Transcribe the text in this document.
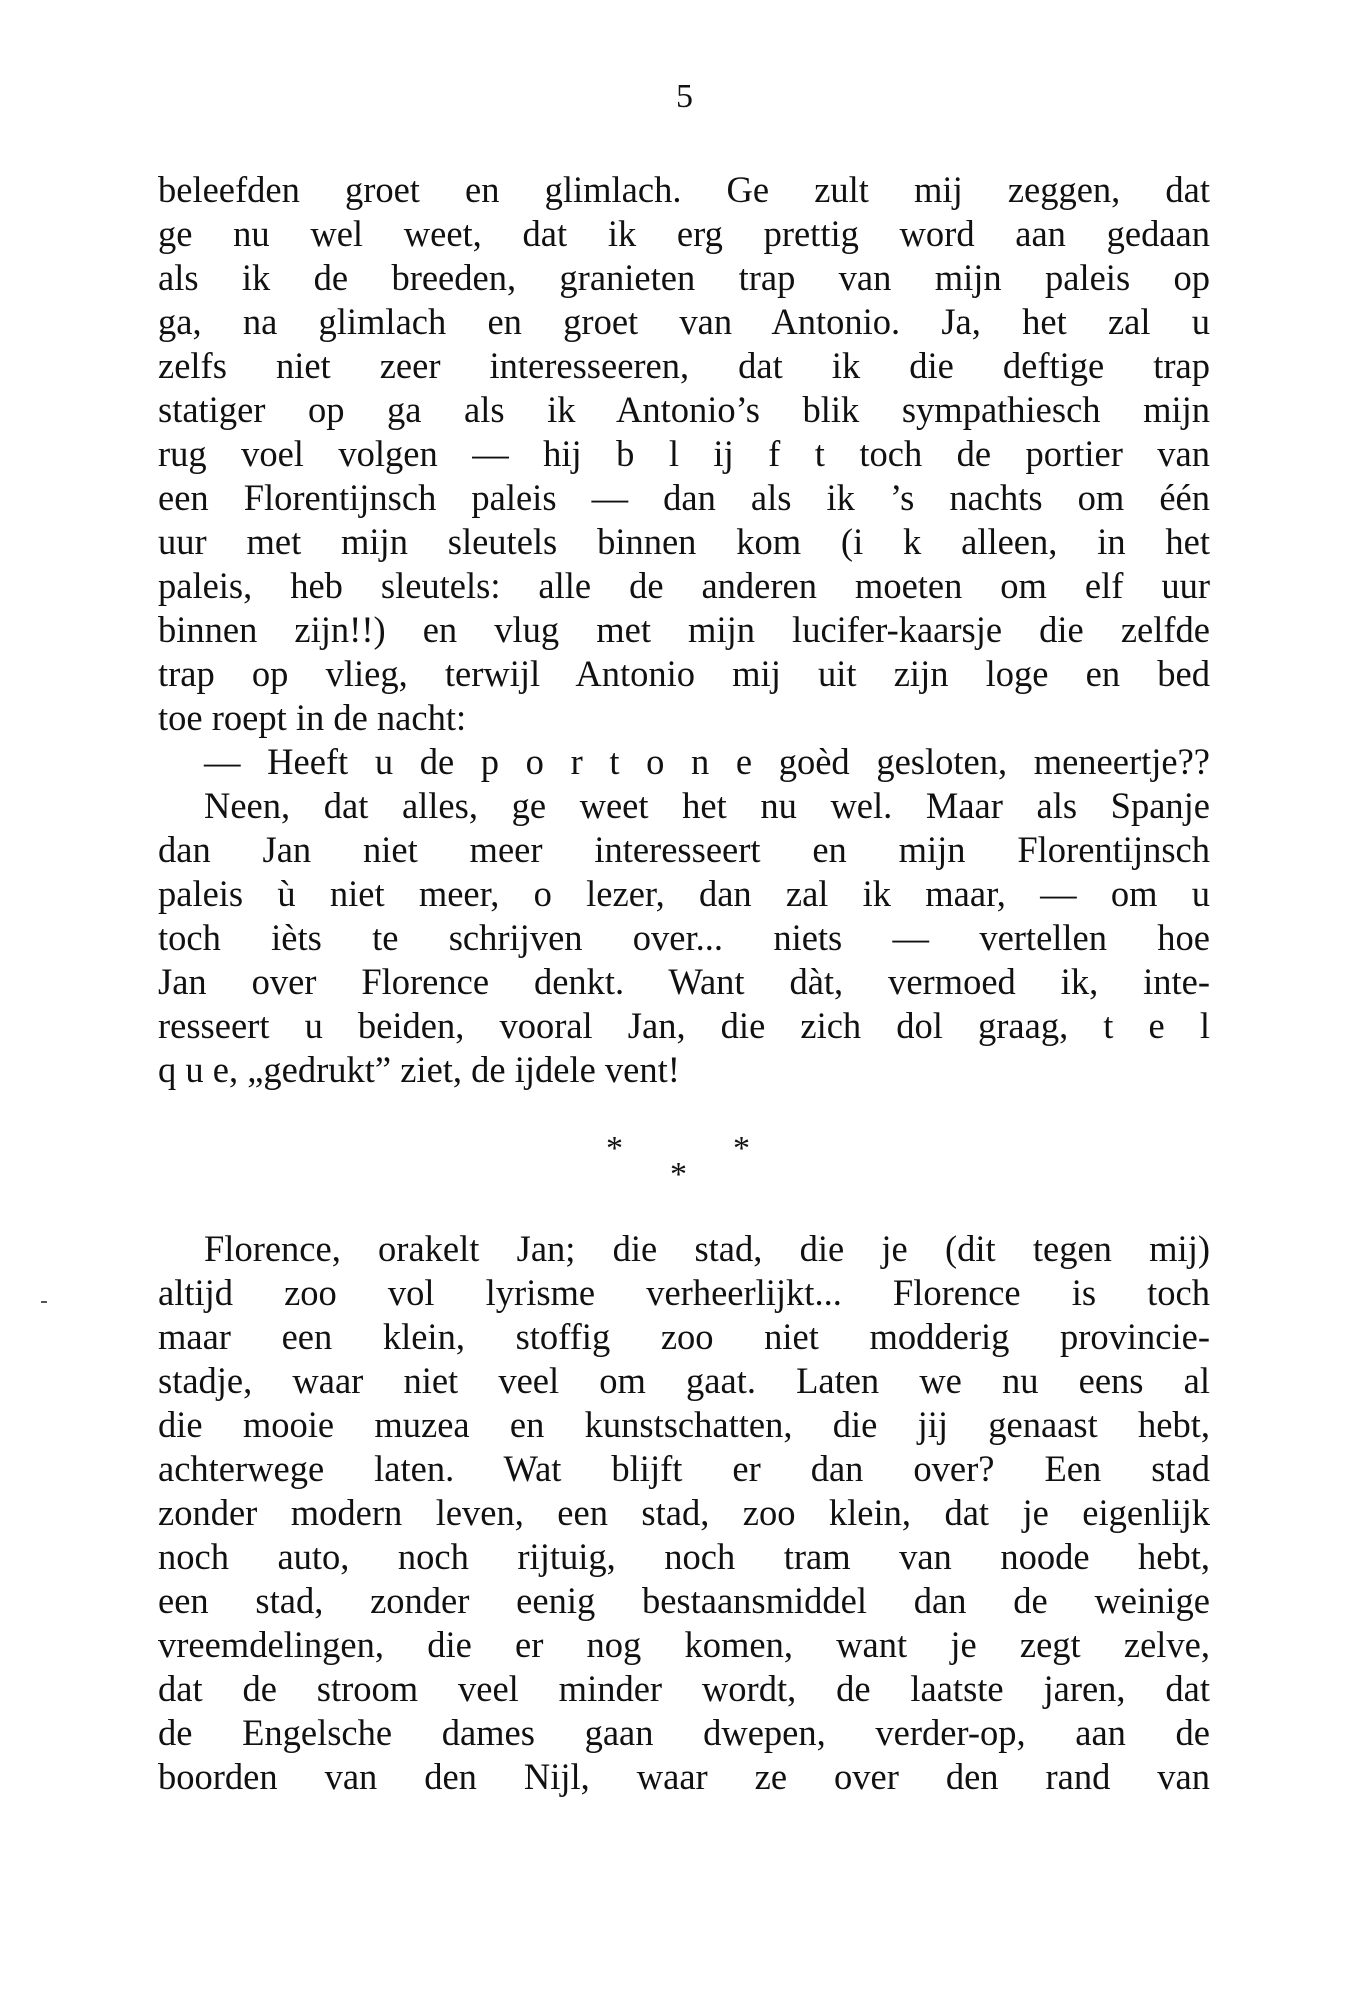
5
beleefden groet en glimlach. Ge zult mij zeggen, dat
ge nu wel weet, dat ik erg prettig word aan gedaan
als ik de breeden, granieten trap van mijn paleis op
ga, na glimlach en groet van Antonio. Ja, het zal u
zelfs niet zeer interesseeren, dat ik die deftige trap
statiger op ga als ik Antonio’s blik sympathiesch mijn
rug voel volgen — hij b l ij f t toch de portier van
een Florentijnsch paleis — dan als ik ’s nachts om één
uur met mijn sleutels binnen kom (i k alleen, in het
paleis, heb sleutels: alle de anderen moeten om elf uur
binnen zijn!!) en vlug met mijn lucifer-kaarsje die zelfde
trap op vlieg, terwijl Antonio mij uit zijn loge en bed
toe roept in de nacht:
— Heeft u de p o r t o n e goèd gesloten, meneertje??
Neen, dat alles, ge weet het nu wel. Maar als Spanje
dan Jan niet meer interesseert en mijn Florentijnsch
paleis ù niet meer, o lezer, dan zal ik maar, — om u
toch ièts te schrijven over... niets — vertellen hoe
Jan over Florence denkt. Want dàt, vermoed ik, inte-
resseert u beiden, vooral Jan, die zich dol graag, t e l
q u e, „gedrukt” ziet, de ijdele vent!
*	*
*
Florence, orakelt Jan; die stad, die je (dit tegen mij)
altijd zoo vol lyrisme verheerlijkt... Florence is toch
maar een klein, stoffig zoo niet modderig provincie-
stadje, waar niet veel om gaat. Laten we nu eens al
die mooie muzea en kunstschatten, die jij genaast hebt,
achterwege laten. Wat blijft er dan over? Een stad
zonder modern leven, een stad, zoo klein, dat je eigenlijk
noch auto, noch rijtuig, noch tram van noode hebt,
een stad, zonder eenig bestaansmiddel dan de weinige
vreemdelingen, die er nog komen, want je zegt zelve,
dat de stroom veel minder wordt, de laatste jaren, dat
de Engelsche dames gaan dwepen, verder-op, aan de
boorden van den Nijl, waar ze over den rand van
